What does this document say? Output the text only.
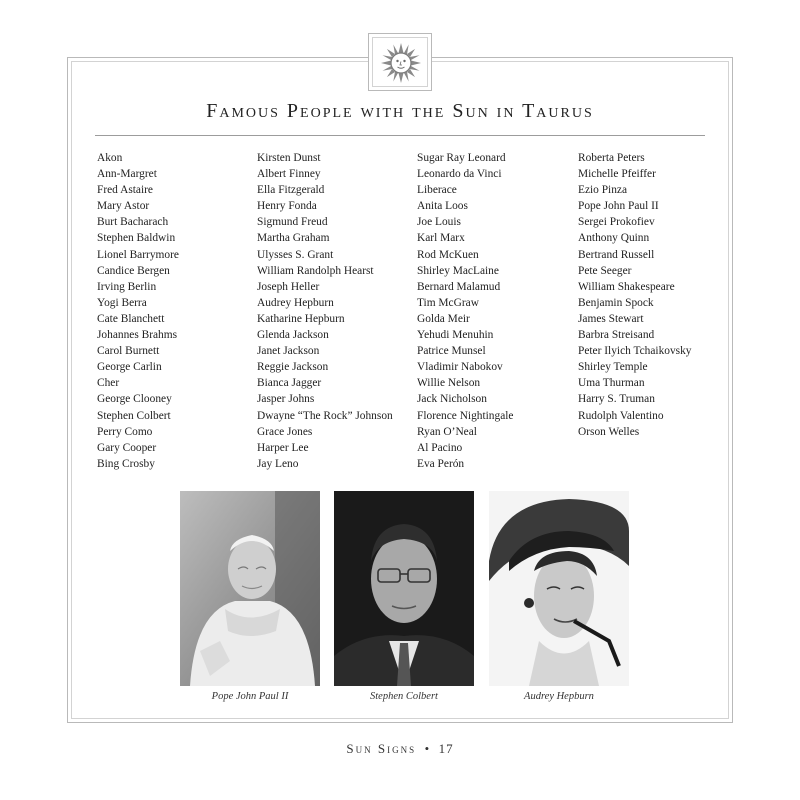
Famous People with the Sun in Taurus
Akon
Ann-Margret
Fred Astaire
Mary Astor
Burt Bacharach
Stephen Baldwin
Lionel Barrymore
Candice Bergen
Irving Berlin
Yogi Berra
Cate Blanchett
Johannes Brahms
Carol Burnett
George Carlin
Cher
George Clooney
Stephen Colbert
Perry Como
Gary Cooper
Bing Crosby
Kirsten Dunst
Albert Finney
Ella Fitzgerald
Henry Fonda
Sigmund Freud
Martha Graham
Ulysses S. Grant
William Randolph Hearst
Joseph Heller
Audrey Hepburn
Katharine Hepburn
Glenda Jackson
Janet Jackson
Reggie Jackson
Bianca Jagger
Jasper Johns
Dwayne “The Rock” Johnson
Grace Jones
Harper Lee
Jay Leno
Sugar Ray Leonard
Leonardo da Vinci
Liberace
Anita Loos
Joe Louis
Karl Marx
Rod McKuen
Shirley MacLaine
Bernard Malamud
Tim McGraw
Golda Meir
Yehudi Menuhin
Patrice Munsel
Vladimir Nabokov
Willie Nelson
Jack Nicholson
Florence Nightingale
Ryan O’Neal
Al Pacino
Eva Perón
Roberta Peters
Michelle Pfeiffer
Ezio Pinza
Pope John Paul II
Sergei Prokofiev
Anthony Quinn
Bertrand Russell
Pete Seeger
William Shakespeare
Benjamin Spock
James Stewart
Barbra Streisand
Peter Ilyich Tchaikovsky
Shirley Temple
Uma Thurman
Harry S. Truman
Rudolph Valentino
Orson Welles
Pope John Paul II	Stephen Colbert	Audrey Hepburn
Sun Signs • 17
